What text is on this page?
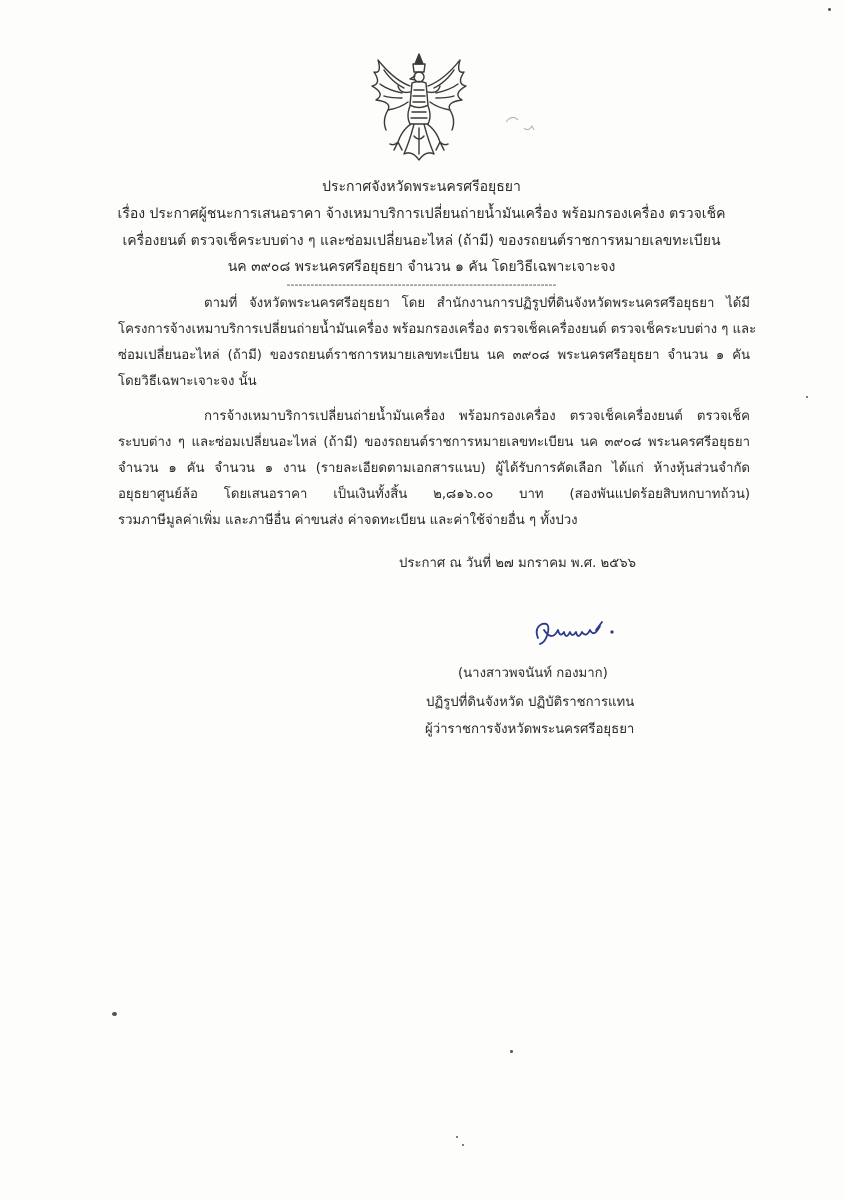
ประกาศจังหวัดพระนครศรีอยุธยา
เรื่อง ประกาศผู้ชนะการเสนอราคา จ้างเหมาบริการเปลี่ยนถ่ายน้ำมันเครื่อง พร้อมกรองเครื่อง ตรวจเช็ค
เครื่องยนต์ ตรวจเช็คระบบต่าง ๆ และซ่อมเปลี่ยนอะไหล่ (ถ้ามี) ของรถยนต์ราชการหมายเลขทะเบียน
นค ๓๙๐๘ พระนครศรีอยุธยา จำนวน ๑ คัน โดยวิธีเฉพาะเจาะจง
--------------------------------------------------------------------
ตามที่ จังหวัดพระนครศรีอยุธยา โดย สำนักงานการปฏิรูปที่ดินจังหวัดพระนครศรีอยุธยา ได้มี
โครงการจ้างเหมาบริการเปลี่ยนถ่ายน้ำมันเครื่อง พร้อมกรองเครื่อง ตรวจเช็คเครื่องยนต์ ตรวจเช็คระบบต่าง ๆ และ
ซ่อมเปลี่ยนอะไหล่ (ถ้ามี) ของรถยนต์ราชการหมายเลขทะเบียน นค ๓๙๐๘ พระนครศรีอยุธยา จำนวน ๑ คัน
โดยวิธีเฉพาะเจาะจง นั้น
การจ้างเหมาบริการเปลี่ยนถ่ายน้ำมันเครื่อง พร้อมกรองเครื่อง ตรวจเช็คเครื่องยนต์ ตรวจเช็ค
ระบบต่าง ๆ และซ่อมเปลี่ยนอะไหล่ (ถ้ามี) ของรถยนต์ราชการหมายเลขทะเบียน นค ๓๙๐๘ พระนครศรีอยุธยา
จำนวน ๑ คัน จำนวน ๑ งาน (รายละเอียดตามเอกสารแนบ) ผู้ได้รับการคัดเลือก ได้แก่ ห้างหุ้นส่วนจำกัด
อยุธยาศูนย์ล้อ โดยเสนอราคา เป็นเงินทั้งสิ้น ๒,๘๑๖.๐๐ บาท (สองพันแปดร้อยสิบหกบาทถ้วน)
รวมภาษีมูลค่าเพิ่ม และภาษีอื่น ค่าขนส่ง ค่าจดทะเบียน และค่าใช้จ่ายอื่น ๆ ทั้งปวง
ประกาศ ณ วันที่ ๒๗ มกราคม พ.ศ. ๒๕๖๖
(นางสาวพจนันท์ กองมาก)
ปฏิรูปที่ดินจังหวัด ปฏิบัติราชการแทน
ผู้ว่าราชการจังหวัดพระนครศรีอยุธยา
